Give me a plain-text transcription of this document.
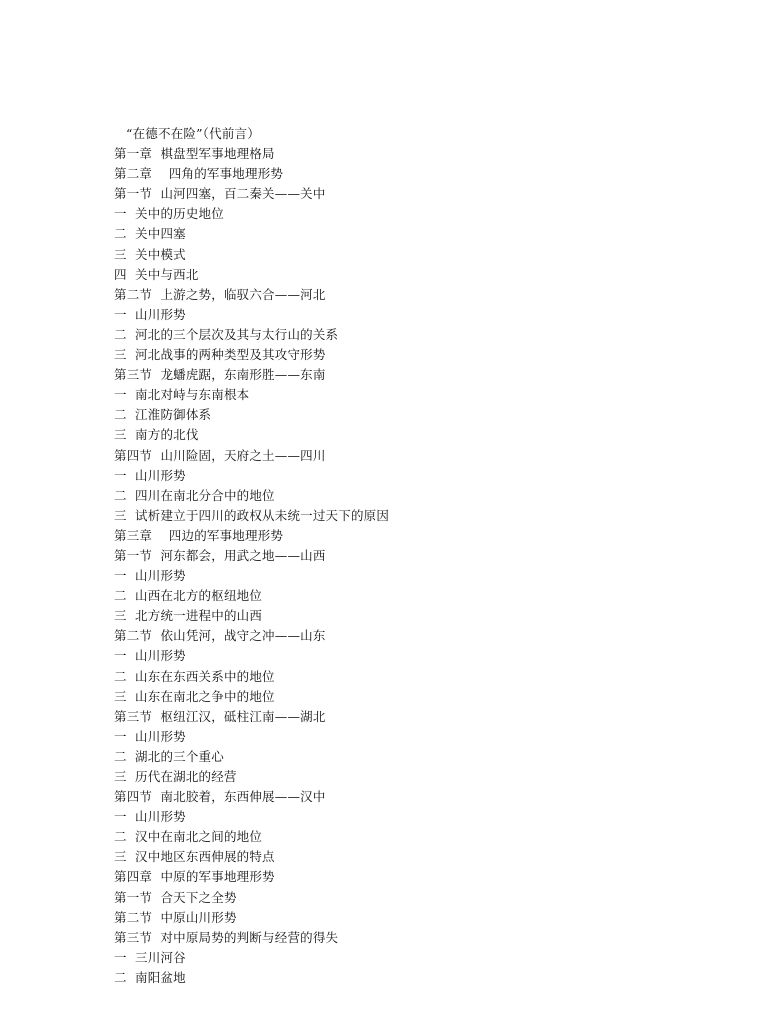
“在德不在险”（代前言）
第一章  棋盘型军事地理格局
第二章    四角的军事地理形势
第一节  山河四塞，百二秦关——关中
一  关中的历史地位
二  关中四塞
三  关中模式
四  关中与西北
第二节  上游之势，临驭六合——河北
一  山川形势
二  河北的三个层次及其与太行山的关系
三  河北战事的两种类型及其攻守形势
第三节  龙蟠虎踞，东南形胜——东南
一  南北对峙与东南根本
二  江淮防御体系
三  南方的北伐
第四节  山川险固，天府之土——四川
一  山川形势
二  四川在南北分合中的地位
三  试析建立于四川的政权从未统一过天下的原因
第三章    四边的军事地理形势
第一节  河东都会，用武之地——山西
一  山川形势
二  山西在北方的枢纽地位
三  北方统一进程中的山西
第二节  依山凭河，战守之冲——山东
一  山川形势
二  山东在东西关系中的地位
三  山东在南北之争中的地位
第三节  枢纽江汉，砥柱江南——湖北
一  山川形势
二  湖北的三个重心
三  历代在湖北的经营
第四节  南北胶着，东西伸展——汉中
一  山川形势
二  汉中在南北之间的地位
三  汉中地区东西伸展的特点
第四章  中原的军事地理形势
第一节  合天下之全势
第二节  中原山川形势
第三节  对中原局势的判断与经营的得失
一  三川河谷
二  南阳盆地
